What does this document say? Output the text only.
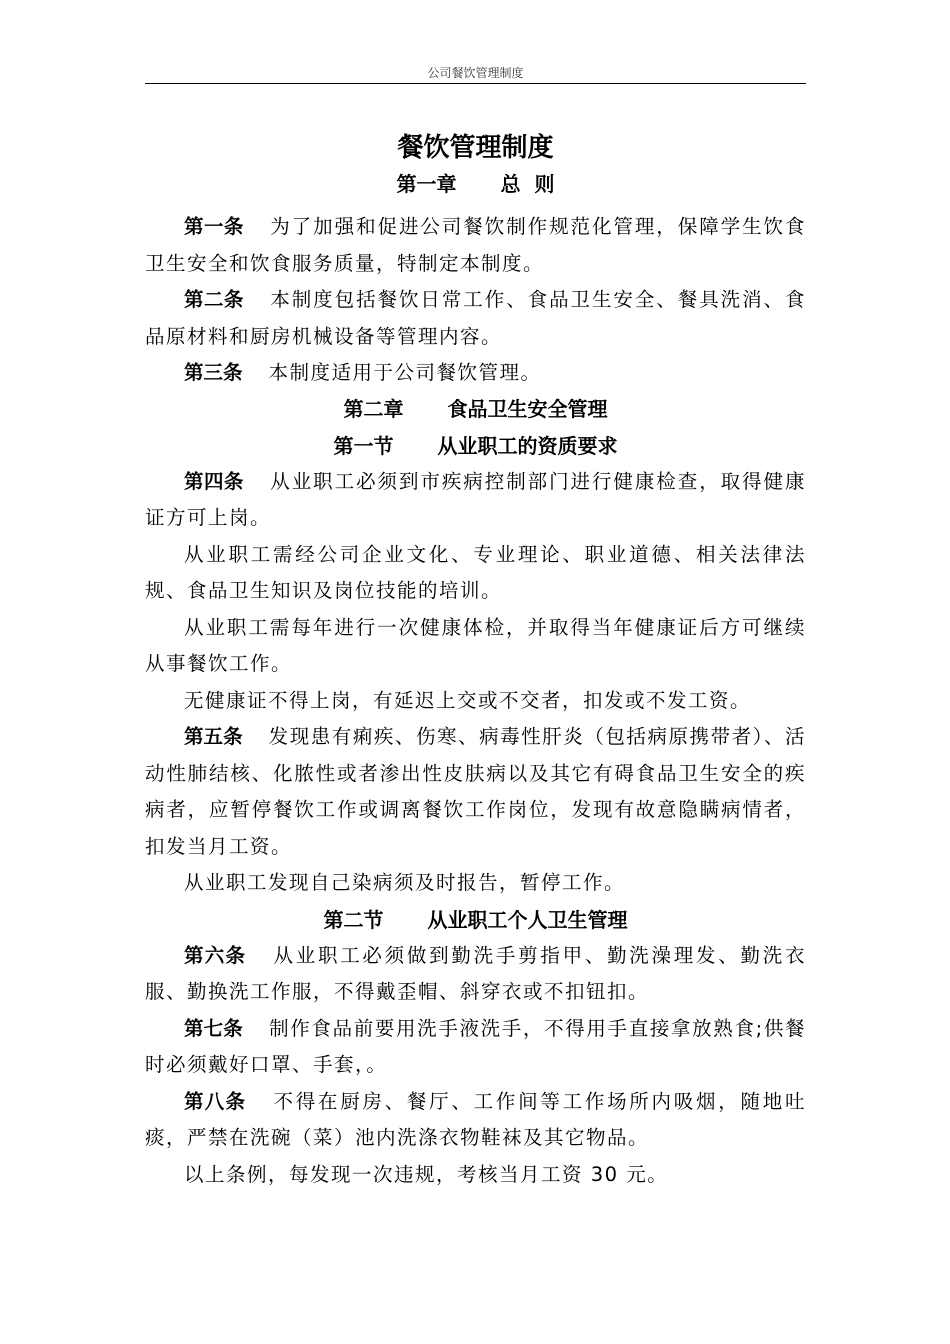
公司餐饮管理制度
餐饮管理制度
第一章 总  则

第一条 为了加强和促进公司餐饮制作规范化管理，保障学生饮食卫生安全和饮食服务质量，特制定本制度。

第二条 本制度包括餐饮日常工作、食品卫生安全、餐具洗消、食品原材料和厨房机械设备等管理内容。

第三条 本制度适用于公司餐饮管理。

第二章 食品卫生安全管理
第一节 从业职工的资质要求

第四条 从业职工必须到市疾病控制部门进行健康检查，取得健康证方可上岗。

从业职工需经公司企业文化、专业理论、职业道德、相关法律法规、食品卫生知识及岗位技能的培训。

从业职工需每年进行一次健康体检，并取得当年健康证后方可继续从事餐饮工作。

无健康证不得上岗，有延迟上交或不交者，扣发或不发工资。

第五条 发现患有痢疾、伤寒、病毒性肝炎（包括病原携带者）、活动性肺结核、化脓性或者渗出性皮肤病以及其它有碍食品卫生安全的疾病者，应暂停餐饮工作或调离餐饮工作岗位，发现有故意隐瞒病情者，扣发当月工资。

从业职工发现自己染病须及时报告，暂停工作。

第二节 从业职工个人卫生管理

第六条 从业职工必须做到勤洗手剪指甲、勤洗澡理发、勤洗衣服、勤换洗工作服，不得戴歪帽、斜穿衣或不扣钮扣。

第七条 制作食品前要用洗手液洗手，不得用手直接拿放熟食;供餐时必须戴好口罩、手套，。

第八条 不得在厨房、餐厅、工作间等工作场所内吸烟，随地吐痰，严禁在洗碗（菜）池内洗涤衣物鞋袜及其它物品。

以上条例，每发现一次违规，考核当月工资 30 元。
